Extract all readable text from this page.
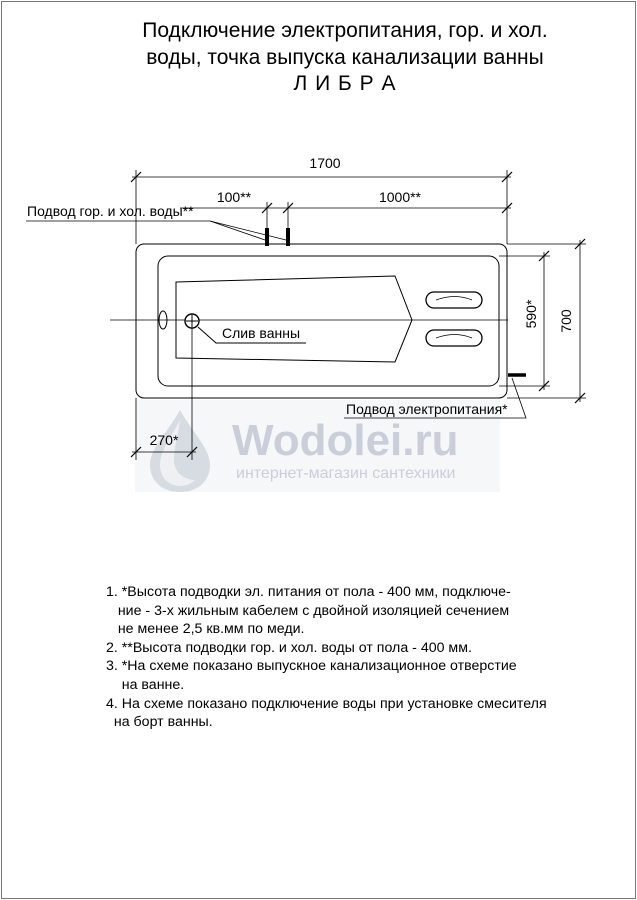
Подключение электропитания, гор. и хол.
воды, точка выпуска канализации ванны
Л И Б Р А
Wodolei.ru
интернет-магазин сантехники
Слив ванны
1700
100**	1000**
Подвод гор. и хол. воды**
700
590*
Подвод электропитания*
270*
1. *Высота подводки эл. питания от пола - 400 мм, подключе-
ние - 3-х жильным кабелем с двойной изоляцией сечением
не менее 2,5 кв.мм по меди.
2. **Высота подводки гор. и хол. воды от пола - 400 мм.
3. *На схеме показано выпускное канализационное отверстие
на ванне.
4. На схеме показано подключение воды при установке смесителя
на борт ванны.
